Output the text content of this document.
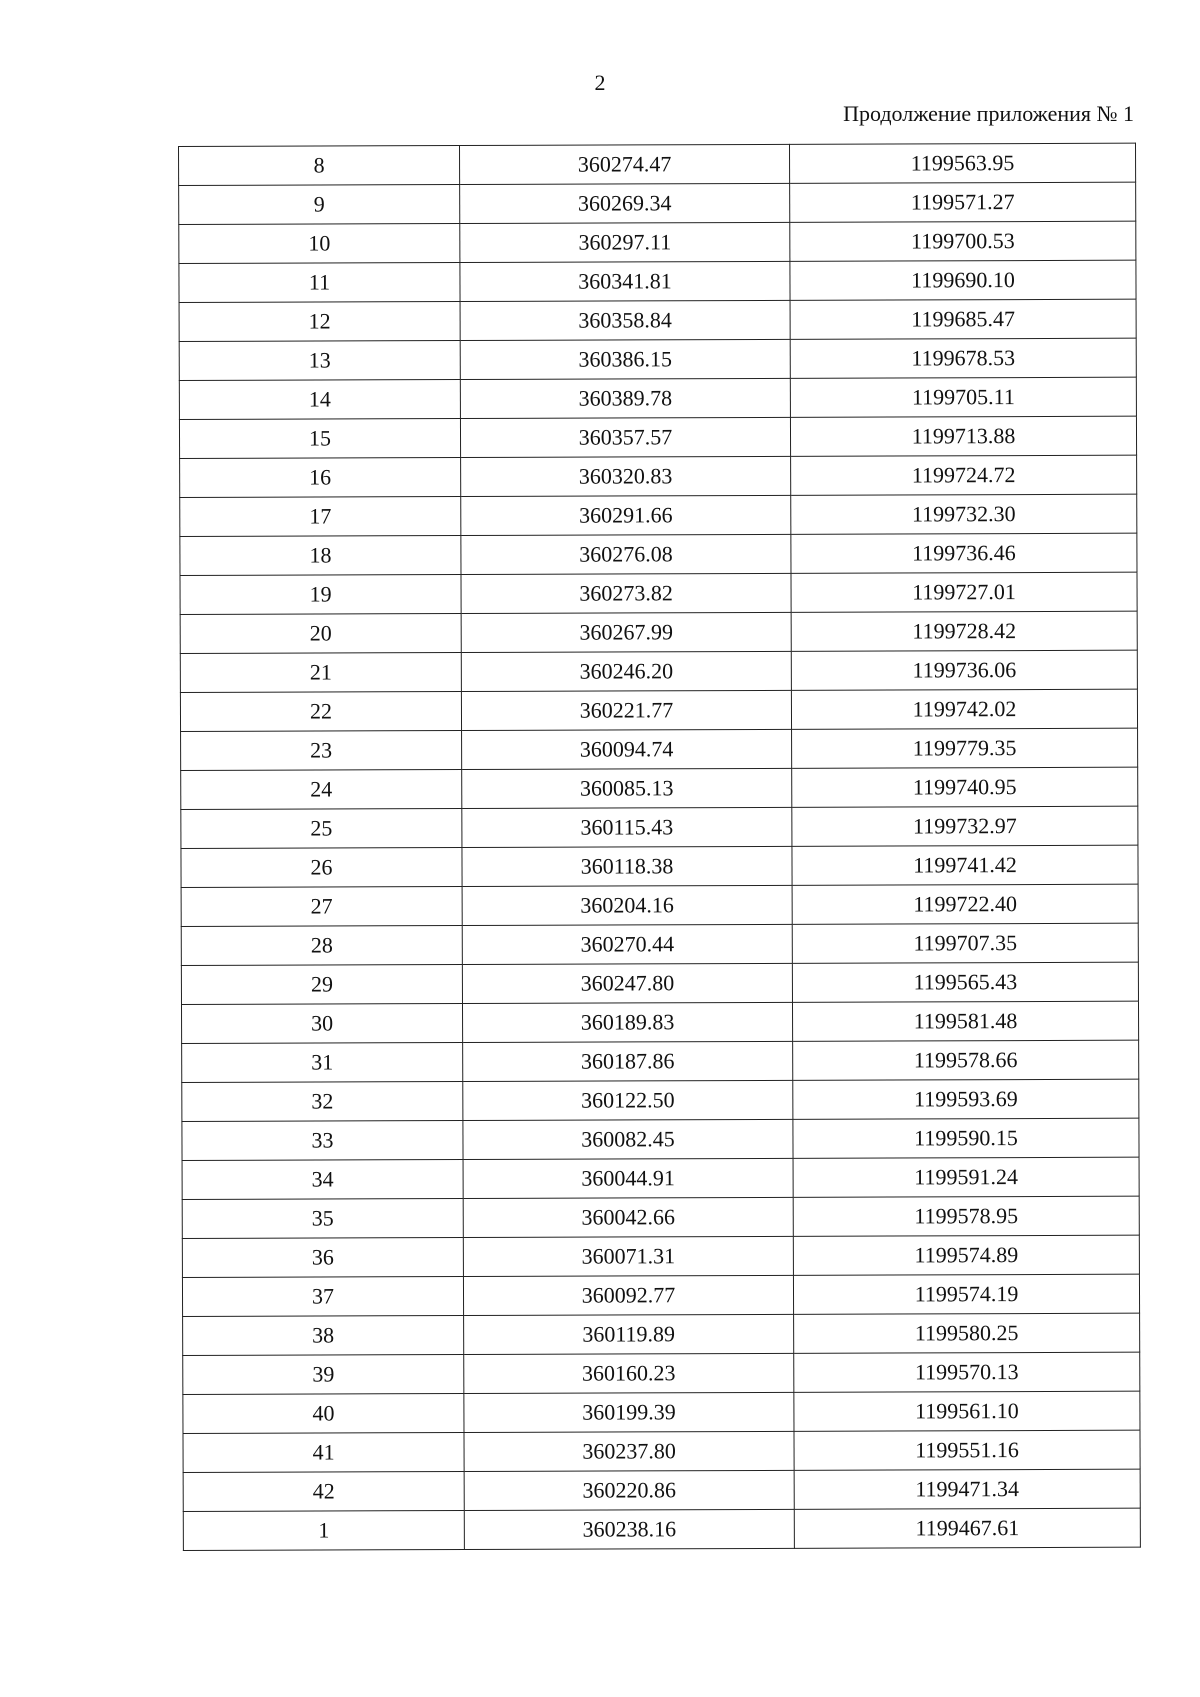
2
Продолжение приложения № 1
8	360274.47	1199563.95
9	360269.34	1199571.27
10	360297.11	1199700.53
11	360341.81	1199690.10
12	360358.84	1199685.47
13	360386.15	1199678.53
14	360389.78	1199705.11
15	360357.57	1199713.88
16	360320.83	1199724.72
17	360291.66	1199732.30
18	360276.08	1199736.46
19	360273.82	1199727.01
20	360267.99	1199728.42
21	360246.20	1199736.06
22	360221.77	1199742.02
23	360094.74	1199779.35
24	360085.13	1199740.95
25	360115.43	1199732.97
26	360118.38	1199741.42
27	360204.16	1199722.40
28	360270.44	1199707.35
29	360247.80	1199565.43
30	360189.83	1199581.48
31	360187.86	1199578.66
32	360122.50	1199593.69
33	360082.45	1199590.15
34	360044.91	1199591.24
35	360042.66	1199578.95
36	360071.31	1199574.89
37	360092.77	1199574.19
38	360119.89	1199580.25
39	360160.23	1199570.13
40	360199.39	1199561.10
41	360237.80	1199551.16
42	360220.86	1199471.34
1	360238.16	1199467.61
